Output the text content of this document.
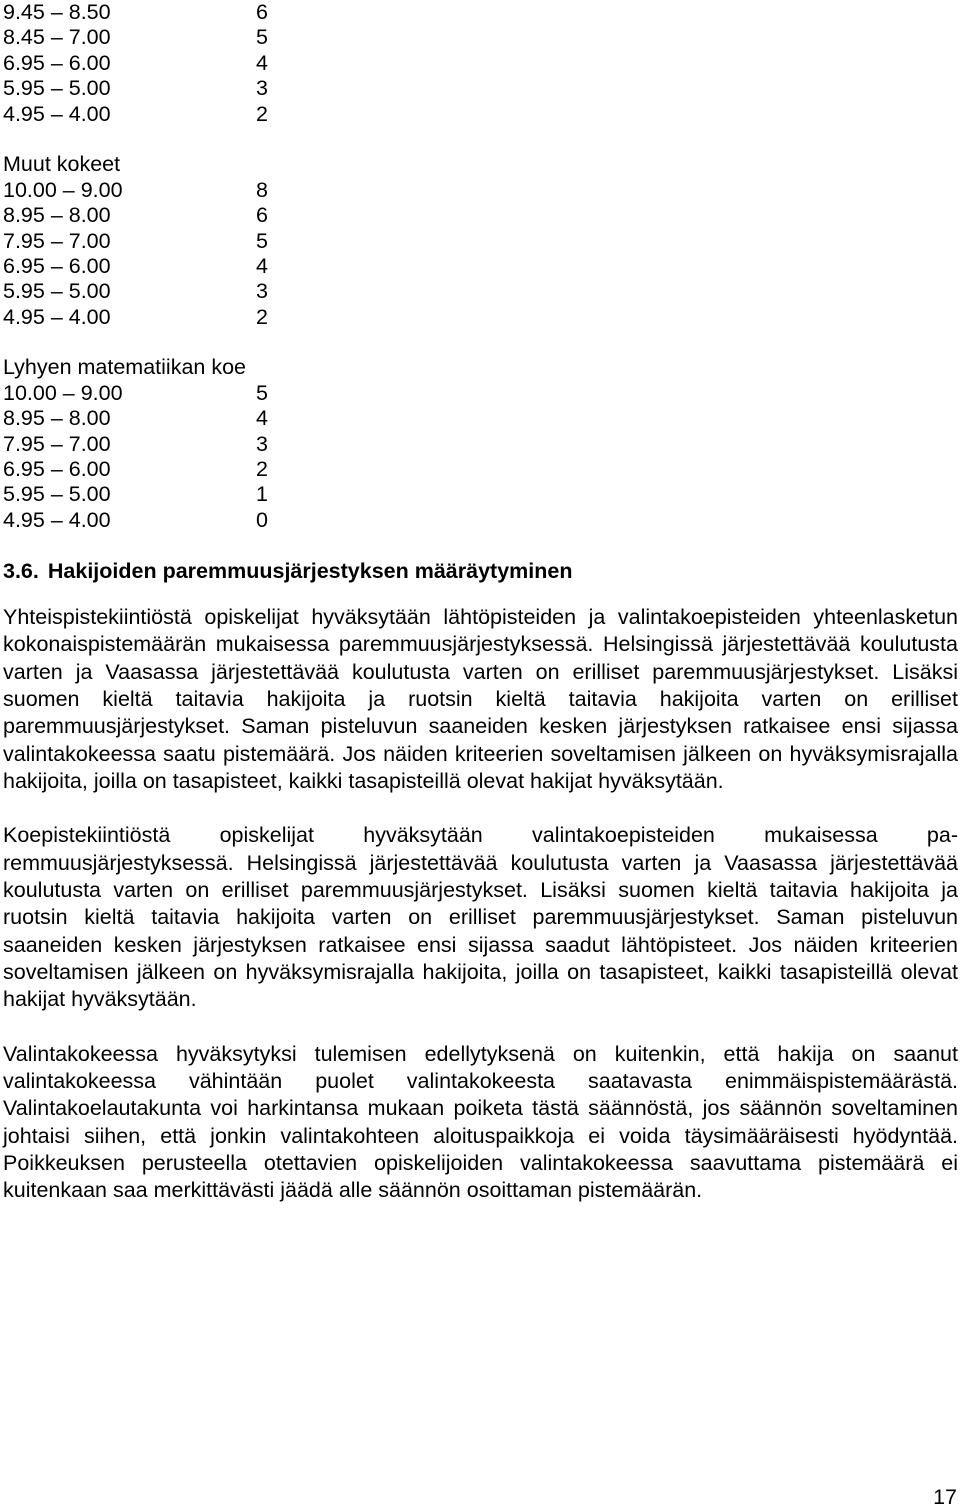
9.45 – 8.50	6
8.45 – 7.00	5
6.95 – 6.00	4
5.95 – 5.00	3
4.95 – 4.00	2
Muut kokeet
10.00 – 9.00	8
8.95 – 8.00	6
7.95 – 7.00	5
6.95 – 6.00	4
5.95 – 5.00	3
4.95 – 4.00	2
Lyhyen matematiikan koe
10.00 – 9.00	5
8.95 – 8.00	4
7.95 – 7.00	3
6.95 – 6.00	2
5.95 – 5.00	1
4.95 – 4.00	0
3.6. Hakijoiden paremmuusjärjestyksen määräytyminen

Yhteispistekiintiöstä opiskelijat hyväksytään lähtöpisteiden ja valintakoepisteiden yhteenlasketun kokonaispistemäärän mukaisessa paremmuusjärjestyksessä. Helsingissä järjestettävää koulutusta varten ja Vaasassa järjestettävää koulutusta varten on erilliset paremmuusjärjestykset. Lisäksi suomen kieltä taitavia hakijoita ja ruotsin kieltä taitavia hakijoita varten on erilliset paremmuusjärjestykset. Saman pisteluvun saaneiden kesken järjestyksen ratkaisee ensi sijassa valintakokeessa saatu pistemäärä. Jos näiden kriteerien soveltamisen jälkeen on hyväksymisrajalla hakijoita, joilla on tasapisteet, kaikki tasapisteillä olevat hakijat hyväksytään.

Koepistekiintiöstä opiskelijat hyväksytään valintakoepisteiden mukaisessa paremmuusjärjestyksessä. Helsingissä järjestettävää koulutusta varten ja Vaasassa järjestettävää koulutusta varten on erilliset paremmuusjärjestykset. Lisäksi suomen kieltä taitavia hakijoita ja ruotsin kieltä taitavia hakijoita varten on erilliset paremmuusjärjestykset. Saman pisteluvun saaneiden kesken järjestyksen ratkaisee ensi sijassa saadut lähtöpisteet. Jos näiden kriteerien soveltamisen jälkeen on hyväksymisrajalla hakijoita, joilla on tasapisteet, kaikki tasapisteillä olevat hakijat hyväksytään.

Valintakokeessa hyväksytyksi tulemisen edellytyksenä on kuitenkin, että hakija on saanut valintakokeessa vähintään puolet valintakokeesta saatavasta enimmäispistemäärästä. Valintakoelautakunta voi harkintansa mukaan poiketa tästä säännöstä, jos säännön soveltaminen johtaisi siihen, että jonkin valintakohteen aloituspaikkoja ei voida täysimääräisesti hyödyntää. Poikkeuksen perusteella otettavien opiskelijoiden valintakokeessa saavuttama pistemäärä ei kuitenkaan saa merkittävästi jäädä alle säännön osoittaman pistemäärän.

17
